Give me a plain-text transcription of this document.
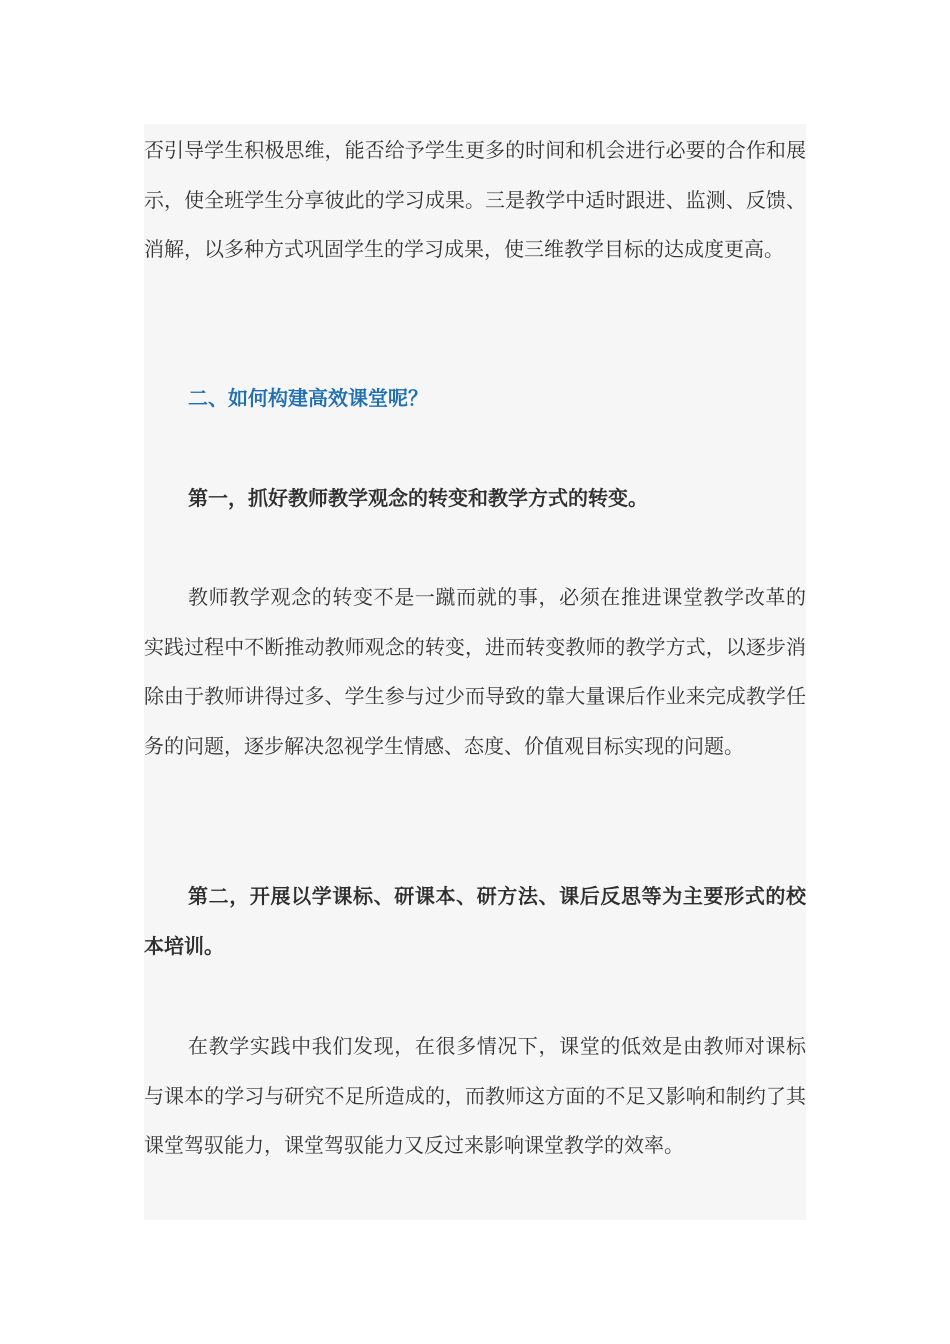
否引导学生积极思维，能否给予学生更多的时间和机会进行必要的合作和展示，使全班学生分享彼此的学习成果。三是教学中适时跟进、监测、反馈、消解，以多种方式巩固学生的学习成果，使三维教学目标的达成度更高。

二、如何构建高效课堂呢？

第一，抓好教师教学观念的转变和教学方式的转变。

教师教学观念的转变不是一蹴而就的事，必须在推进课堂教学改革的实践过程中不断推动教师观念的转变，进而转变教师的教学方式，以逐步消除由于教师讲得过多、学生参与过少而导致的靠大量课后作业来完成教学任务的问题，逐步解决忽视学生情感、态度、价值观目标实现的问题。

第二，开展以学课标、研课本、研方法、课后反思等为主要形式的校本培训。

在教学实践中我们发现，在很多情况下，课堂的低效是由教师对课标与课本的学习与研究不足所造成的，而教师这方面的不足又影响和制约了其课堂驾驭能力，课堂驾驭能力又反过来影响课堂教学的效率。
